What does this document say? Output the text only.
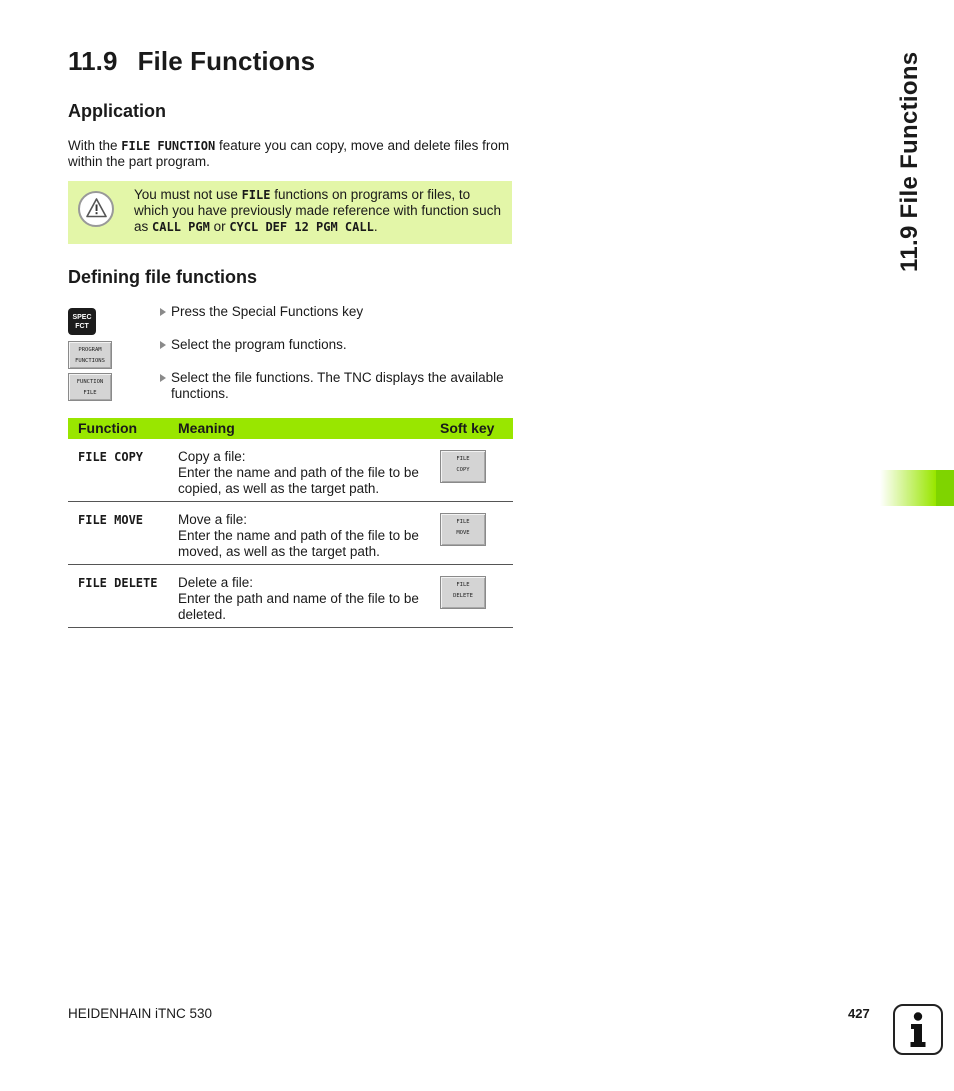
11.9 File Functions
Application

With the FILE FUNCTION feature you can copy, move and delete files from within the part program.

You must not use FILE functions on programs or files, to which you have previously made reference with function such as CALL PGM or CYCL DEF 12 PGM CALL.

Defining file functions
SPEC
FCT
PROGRAM
FUNCTIONS
FUNCTION
FILE

Press the Special Functions key

Select the program functions.

Select the file functions. The TNC displays the available functions.

Function	Meaning	Soft key
FILE COPY	Copy a file:
Enter the name and path of the file to be copied, as well as the target path.
FILE
COPY
FILE MOVE	Move a file:
Enter the name and path of the file to be moved, as well as the target path.
FILE
MOVE
FILE DELETE Delete a file:
Enter the path and name of the file to be deleted.
FILE
DELETE
11.9 File Functions
HEIDENHAIN iTNC 530	427
